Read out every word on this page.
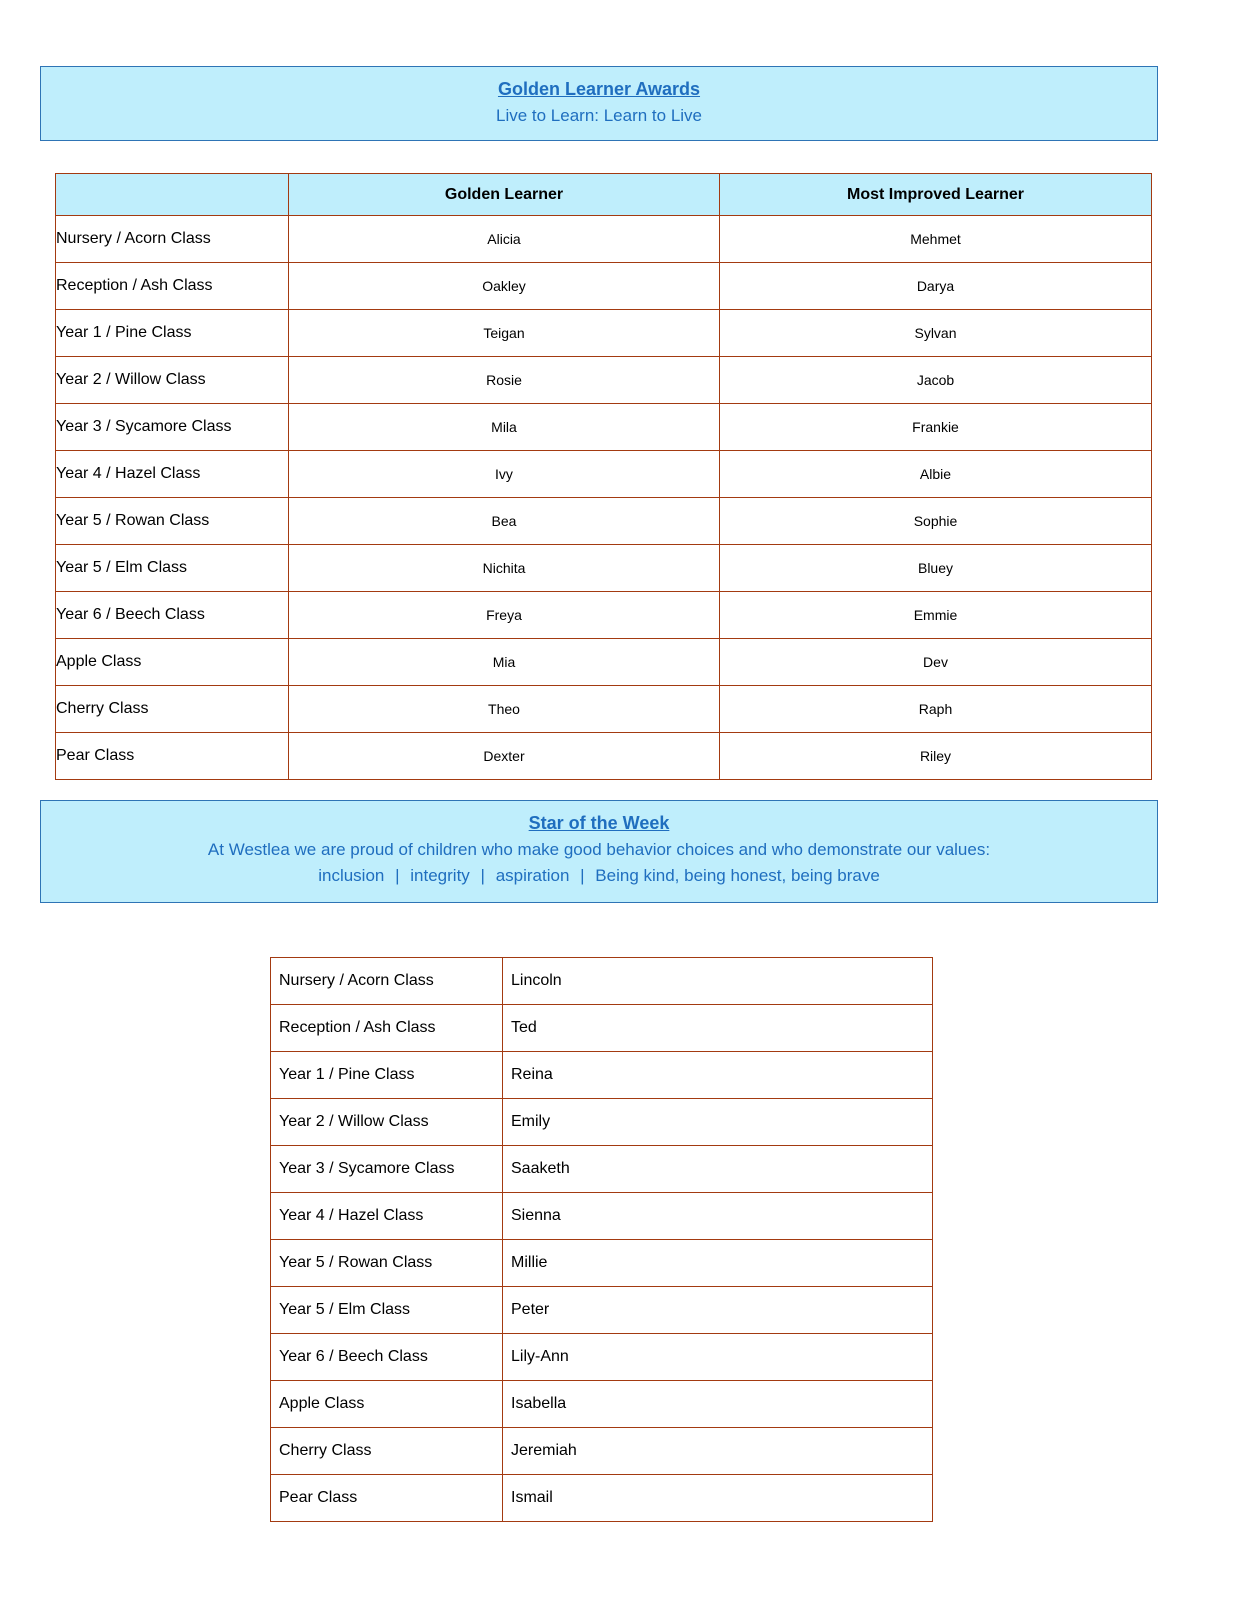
Golden Learner Awards
Live to Learn: Learn to Live
	Golden Learner	Most Improved Learner
Nursery / Acorn Class	Alicia	Mehmet
Reception / Ash Class	Oakley	Darya
Year 1 / Pine Class	Teigan	Sylvan
Year 2 / Willow Class	Rosie	Jacob
Year 3 / Sycamore Class	Mila	Frankie
Year 4 / Hazel Class	Ivy	Albie
Year 5 / Rowan Class	Bea	Sophie
Year 5 / Elm Class	Nichita	Bluey
Year 6 / Beech Class	Freya	Emmie
Apple Class	Mia	Dev
Cherry Class	Theo	Raph
Pear Class	Dexter	Riley
Star of the Week
At Westlea we are proud of children who make good behavior choices and who demonstrate our values:
inclusion | integrity | aspiration | Being kind, being honest, being brave
Nursery / Acorn Class	Lincoln
Reception / Ash Class	Ted
Year 1 / Pine Class	Reina
Year 2 / Willow Class	Emily
Year 3 / Sycamore Class	Saaketh
Year 4 / Hazel Class	Sienna
Year 5 / Rowan Class	Millie
Year 5 / Elm Class	Peter
Year 6 / Beech Class	Lily-Ann
Apple Class	Isabella
Cherry Class	Jeremiah
Pear Class	Ismail
